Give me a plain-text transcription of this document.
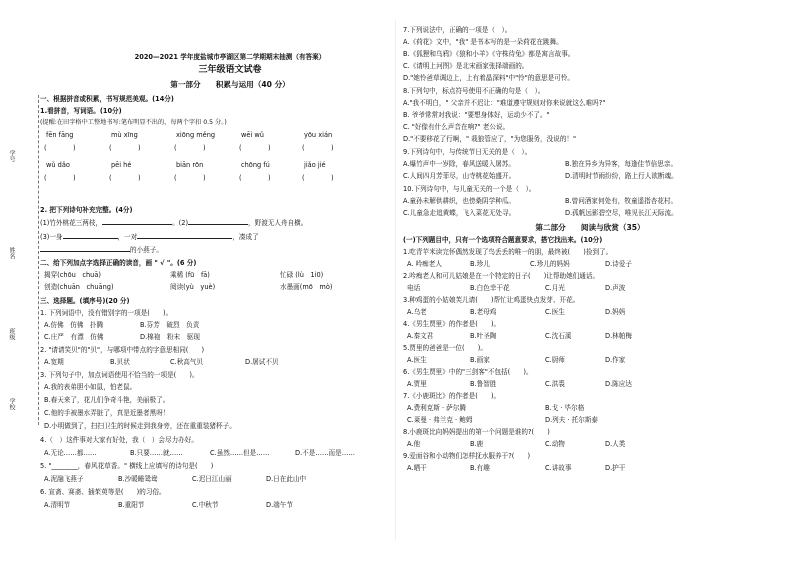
学号
姓名
班级
学校
2020—2021 学年度盐城市亭湖区第二学期期末抽测（有答案）
三年级语文试卷
第一部分　　积累与运用（40 分）
一、根据拼音或积累，书写规范美观。(14分)
1.看拼音，写词语。(10分)
(提醒:在田字格中工整地书写:笔布明显不出的，每两个字扣 0.5 分。)
fēn fāng	mù xīng	xiōng měng	wēi wǔ	yōu xián
(　　　　)	(　　　　)	(　　　　)	(　　　　)	(　　　　)
wǔ dǎo	pēi hé	biān rōn	chōng fú	jiǎo jié
(　　　　)	(　　　　)	(　　　　)	(　　　　)	(　　　　)
2. 把下列诗句补充完整。(4分)
(1)竹外桃花三两枝，	。(2)	，野渡无人舟自横。
(3)一身	，一对	，凑成了
的小燕子。
二、给下列加点字选择正确的读音，画 " √ "。(6 分)
揭穿(chōu　chuā)	乘稀 (fū　fā)	忙碌 (lù　1i0)
创造(chuān　chuāng)	阅读(yù　yuè)	水墨画(mō　mò)
三、选择题。(填序号)(20 分)
1. 下列词语中，没有错别字的一项是(　　)。
A.仿佛　仿佛　扑腾	B.芬芳　破烈　负责
C.庄严　有漂　仿佛	D.棉袍　粉末　驱现
2. "请请笑贝"的"贝"，与哪项中带点的字意思相同(　　)
A.宽期	B.贝状	C.秋高气贝	D.屠试不贝
3. 下列句子中，加点词语使用不恰当的一项是(　　)。
A.我的表弟胆小如鼠，怕老鼠。
B.春天来了，花儿们争奇斗艳，美丽极了。
C.他的手被墨水弄脏了，真是近墨者黑呀！
D.小明做到了，扫扫卫生的时候走到我身旁，还在重重装猪杯子。
4.（　）这件事对大家有好处，我（　）会尽力办好。
A.无论……都……	B.只要……就……	C.虽然……但是……	D.不是……而是……
5. "________，春风花草香。" 横线上应填写的诗句是(　　)
A.泥融飞燕子	B.沙暖睡鸳鸯	C.迟日江山丽	D.日在此山中
6. 宣斋、赛斋、插茱萸等是(　　)的习俗。
A.清明节	B.重阳节	C.中秋节	D.端午节
7.下列说法中，正确的一项是（　）。
A.《荷花》文中，"我" 是书本写的是一朵荷花在跳舞。
B.《狐狸和乌鸦》《狼和小羊》《守株待兔》都是寓言故事。
C.《请明上河图》是北宋画家张择端画的。
D."她怜爸草调边上，上有着晶深料"中"怜"的意思是可怜。
8.下列句中，标点符号使用不正确的句是（　）。
A."我不明白，" 父亲并不迟让："难道遵守规则对你来说就这么难吗?"
B. 爷爷常常对我说："要想身体好，运动少不了。"
C. "好像有什么声音在响?" 老公说。
D."不要移花了行啊，" 栽狼管应了，"为您服务，没说的！"
9.下列诗句中，与传统节日无关的是（　）。
A.爆竹声中一岁除，春风送暖入屠苏。	B.独在异乡为异客，每逢佳节倍思亲。
C.人间四月芳菲尽，山寺桃花始盛开。	D.清明时节雨纷纷，路上行人欲断魂。
10.下列诗句中，与儿童无关的一个是（　）。
A.童孙未解供耕织，也傍桑阴学种瓜。	B.曾问酒家何处有，牧童遥指杏花村。
C.儿童急走追黄蝶，飞入菜花无处寻。	D.孤帆远影碧空尽，唯见长江天际流。
第二部分　　阅读与欣赏（35）
(一)下列题目中，只有一个选项符合题意要求，搭它找出来。(10分)
1.吃青苹米读完怀偶然发现了鸟丢丢的唯一的朋，最终被(　　)捡到了。
A. 吟痴老人	B.珍儿	C.珍儿的妈妈	D.诗爱子
2.吟痴老人和可儿姑娘是在一个特定的日子(　　)让帮助她们通话。
电话	B.白色幸干花	C.月光	D.声波
3.种鸡蛋的小姑娘芙儿请(　　)帮忙让鸡蛋快点发芽、开花。
A.乌老	B.老母鸡	C.医生	D.妈妈
4.《男生贾里》的作者是(　　)。
A.秦文君	B.叶圣陶	C.沈石溪	D.林帕梅
5.贾里的爸爸是一位(　　)。
A.医生	B.画家	C.厨师	D.作家
6.《男生贾里》中的"三剑客"不包括(　　)。
A.贾里	B.鲁智胜	C.洪裘	D.陈应达
7.《小鹿斑比》的作者是(　　)。
A.费利克斯 · 萨尔腾	B.戈 · 毕尔格
C.莱曼 · 弗兰克 · 鲍姆	D.列夫 · 托尔斯泰
8.小鹿斑比向妈妈提出的第一个问题是谁的?(　　)
A.他	B.鹿	C.动物	D.人类
9.爱面谷和小动物们怎样抚水服养干?(　　)
A.晒干	B.有趣	C.讲故事	D.护干
